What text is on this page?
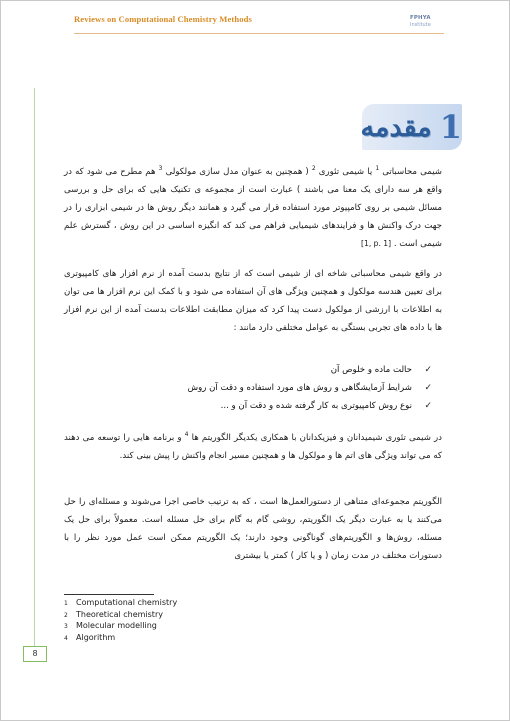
Reviews on Computational Chemistry Methods	FPHYA
Institute
مقدمه 1
شیمی محاسباتی $^1$ یا شیمی تئوری $^2$ ( همچنین به عنوان مدل سازی مولکولی $^3$ هم مطرح می شود که در واقع هر سه دارای یک معنا می باشند ) عبارت است از مجموعه ی تکنیک هایی که برای حل و بررسی مسائل شیمی بر روی کامپیوتر مورد استفاده قرار می گیرد و همانند دیگر روش ها در شیمی ابزاری را در جهت درک واکنش ها و فرایندهای شیمیایی فراهم می کند که انگیزه اساسی در این روش ، گسترش علم شیمی است . [1, p. 1]
در واقع شیمی محاسباتی شاخه ای از شیمی است که از نتایج بدست آمده از نرم افزار های کامپیوتری برای تعیین هندسه مولکول و همچنین ویژگی های آن استفاده می شود و با کمک این نرم افزار ها می توان به اطلاعات با ارزشی از مولکول دست پیدا کرد که میزان مطابقت اطلاعات بدست آمده از این نرم افزار ها با داده های تجربی بستگی به عوامل مختلفی دارد مانند :
✓
حالت ماده و خلوص آن
✓
شرایط آزمایشگاهی و روش های مورد استفاده و دقت آن روش
✓
نوع روش کامپیوتری به کار گرفته شده و دقت آن و ...
در شیمی تئوری شیمیدانان و فیزیکدانان با همکاری یکدیگر الگوریتم ها $^4$ و برنامه هایی را توسعه می دهند که می تواند ویژگی های اتم ها و مولکول ها و همچنین مسیر انجام واکنش را پیش بینی کند.
الگوریتم مجموعه‌ای متناهی از دستورالعمل‌ها است ، که به ترتیب خاصی اجرا می‌شوند و مسئله‌ای را حل می‌کنند یا به عبارت دیگر یک الگوریتم، روشی گام به گام برای حل مسئله است. معمولاً برای حل یک مسئله، روش‌ها و الگوریتم‌های گوناگونی وجود دارند؛ یک الگوریتم ممکن است عمل مورد نظر را با دستورات مختلف در مدت زمان ( و یا کار ) کمتر یا بیشتری
1	Computational chemistry
2	Theoretical chemistry
3	Molecular modelling
4	Algorithm
8
